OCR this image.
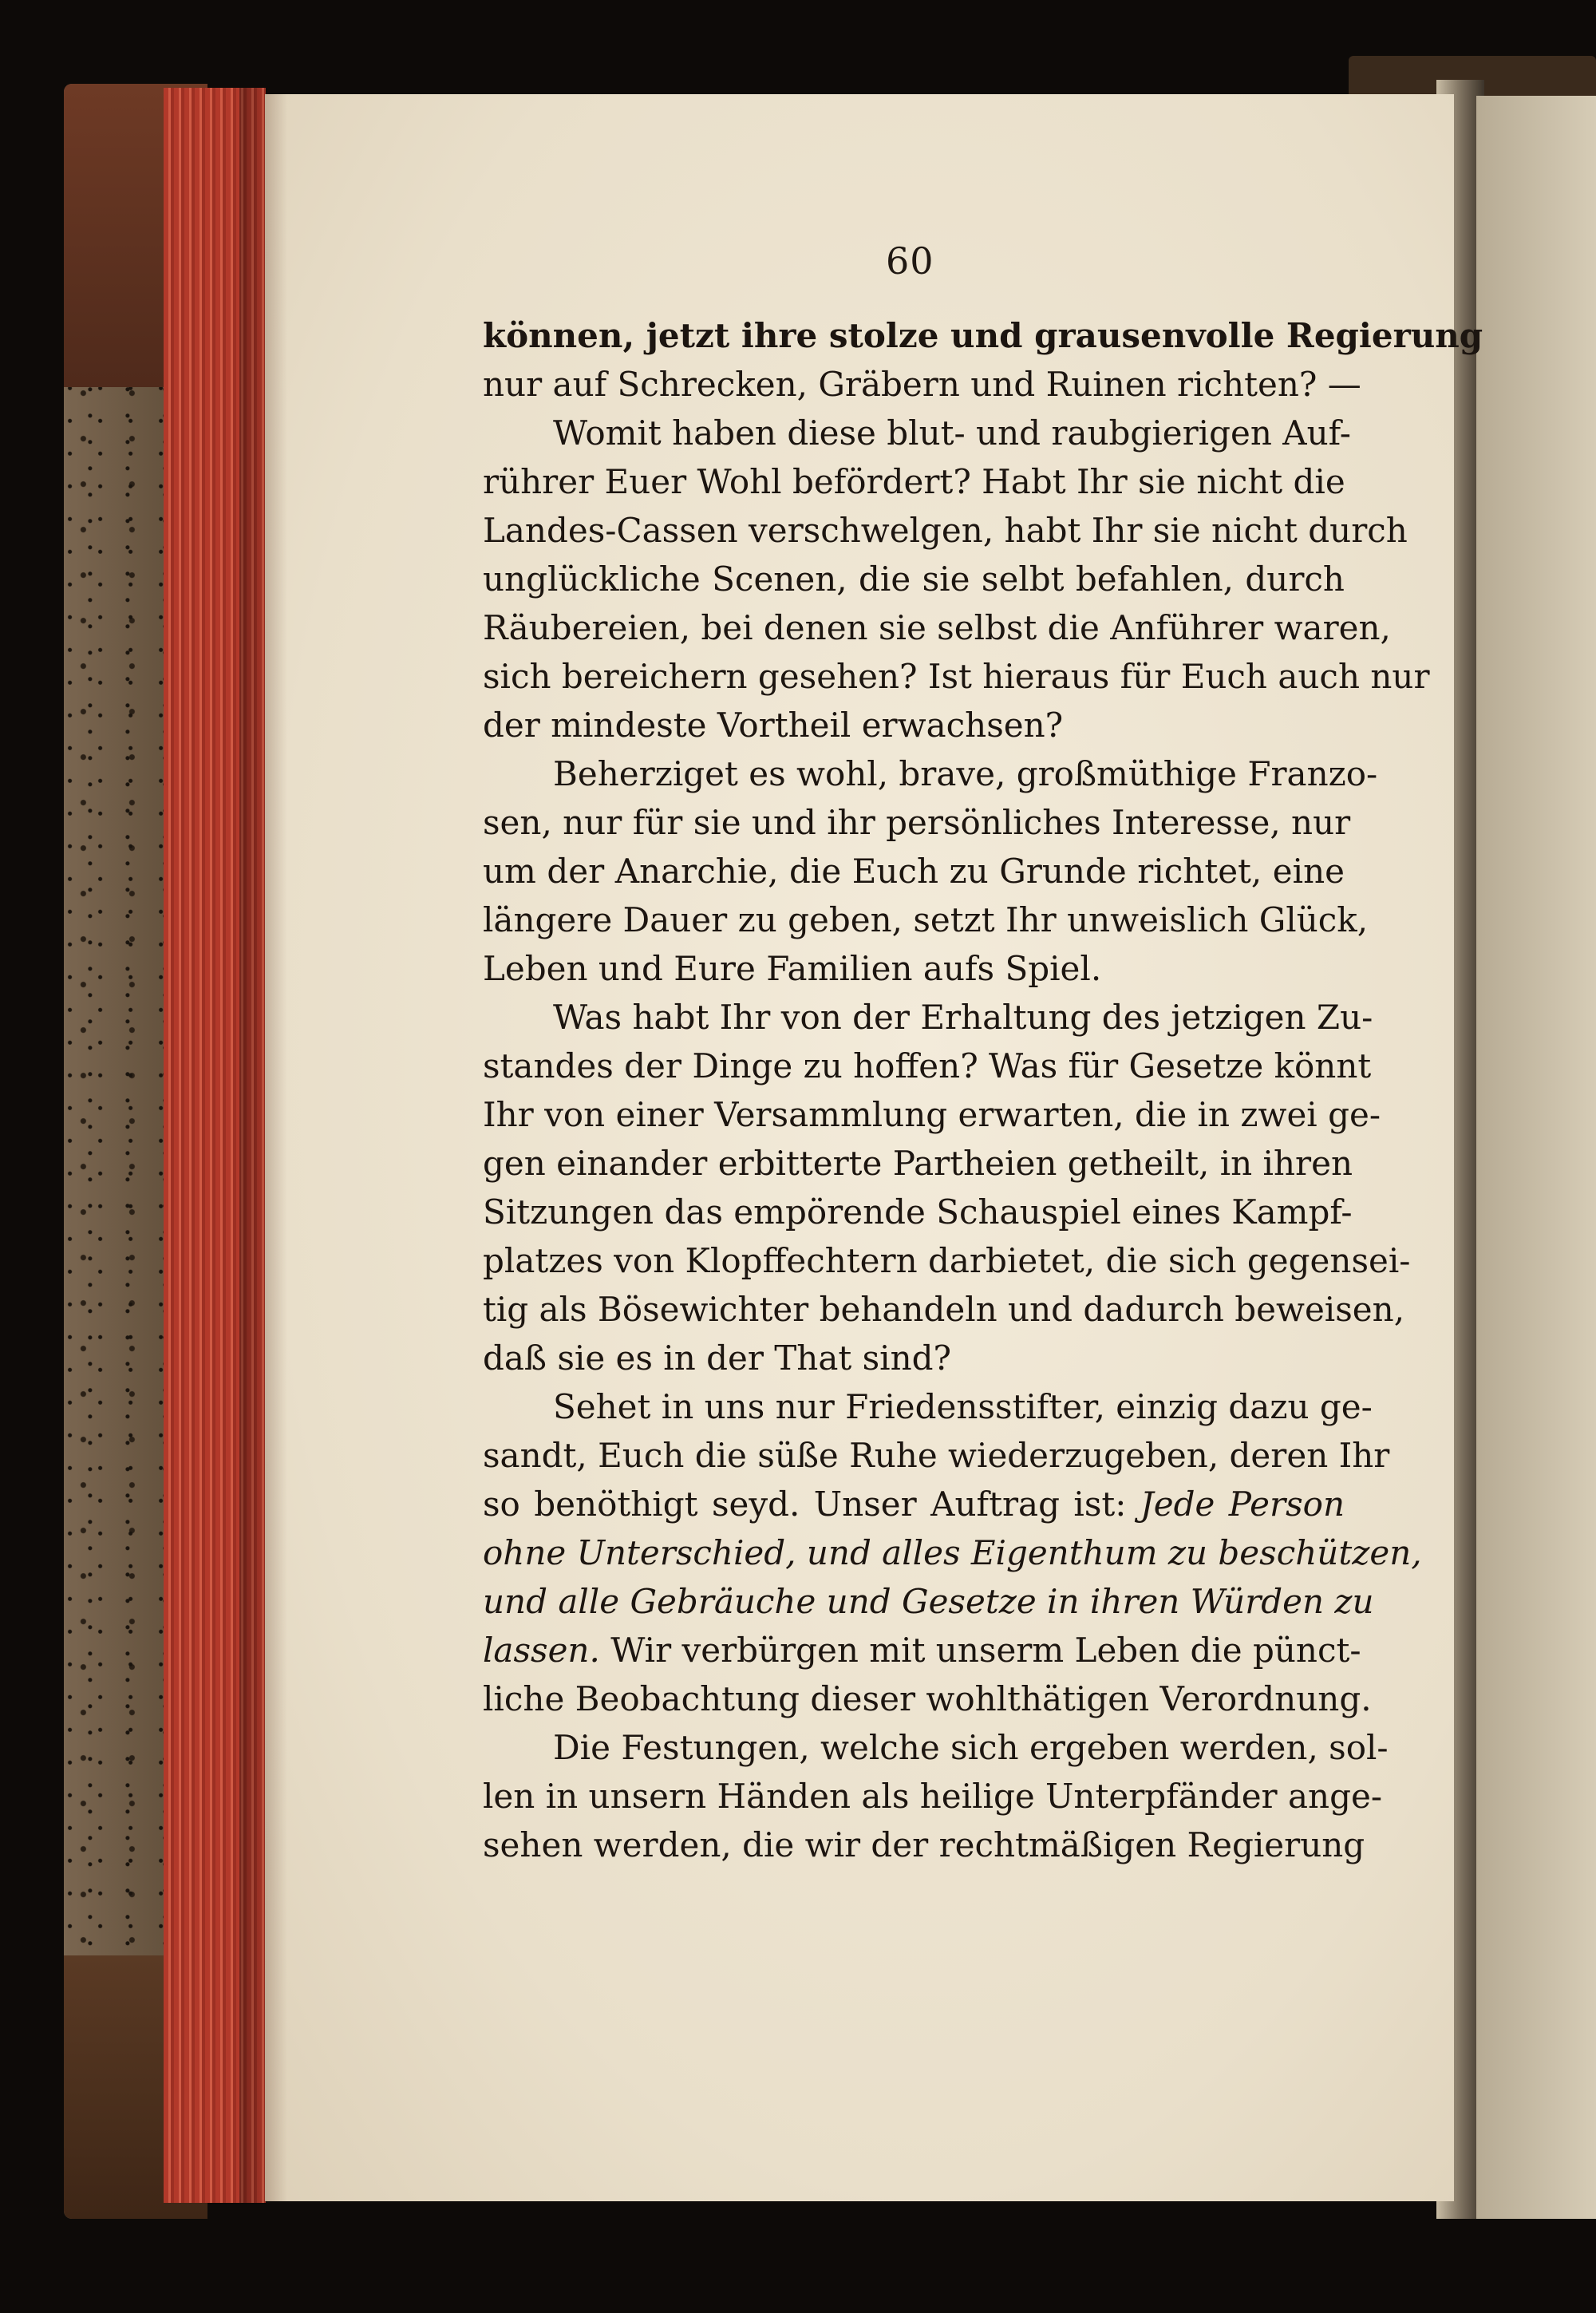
60
können, jetzt ihre stolze und grausenvolle Regierung
nur auf Schrecken, Gräbern und Ruinen richten? —
Womit haben diese blut- und raubgierigen Auf-
rührer Euer Wohl befördert? Habt Ihr sie nicht die
Landes-Cassen verschwelgen, habt Ihr sie nicht durch
unglückliche Scenen, die sie selbt befahlen, durch
Räubereien, bei denen sie selbst die Anführer waren,
sich bereichern gesehen? Ist hieraus für Euch auch nur
der mindeste Vortheil erwachsen?
Beherziget es wohl, brave, großmüthige Franzo-
sen, nur für sie und ihr persönliches Interesse, nur
um der Anarchie, die Euch zu Grunde richtet, eine
längere Dauer zu geben, setzt Ihr unweislich Glück,
Leben und Eure Familien aufs Spiel.
Was habt Ihr von der Erhaltung des jetzigen Zu-
standes der Dinge zu hoffen? Was für Gesetze könnt
Ihr von einer Versammlung erwarten, die in zwei ge-
gen einander erbitterte Partheien getheilt, in ihren
Sitzungen das empörende Schauspiel eines Kampf-
platzes von Klopffechtern darbietet, die sich gegensei-
tig als Bösewichter behandeln und dadurch beweisen,
daß sie es in der That sind?
Sehet in uns nur Friedensstifter, einzig dazu ge-
sandt, Euch die süße Ruhe wiederzugeben, deren Ihr
so benöthigt seyd. Unser Auftrag ist: Jede Person
ohne Unterschied, und alles Eigenthum zu beschützen,
und alle Gebräuche und Gesetze in ihren Würden zu
lassen. Wir verbürgen mit unserm Leben die pünct-
liche Beobachtung dieser wohlthätigen Verordnung.
Die Festungen, welche sich ergeben werden, sol-
len in unsern Händen als heilige Unterpfänder ange-
sehen werden, die wir der rechtmäßigen Regierung
